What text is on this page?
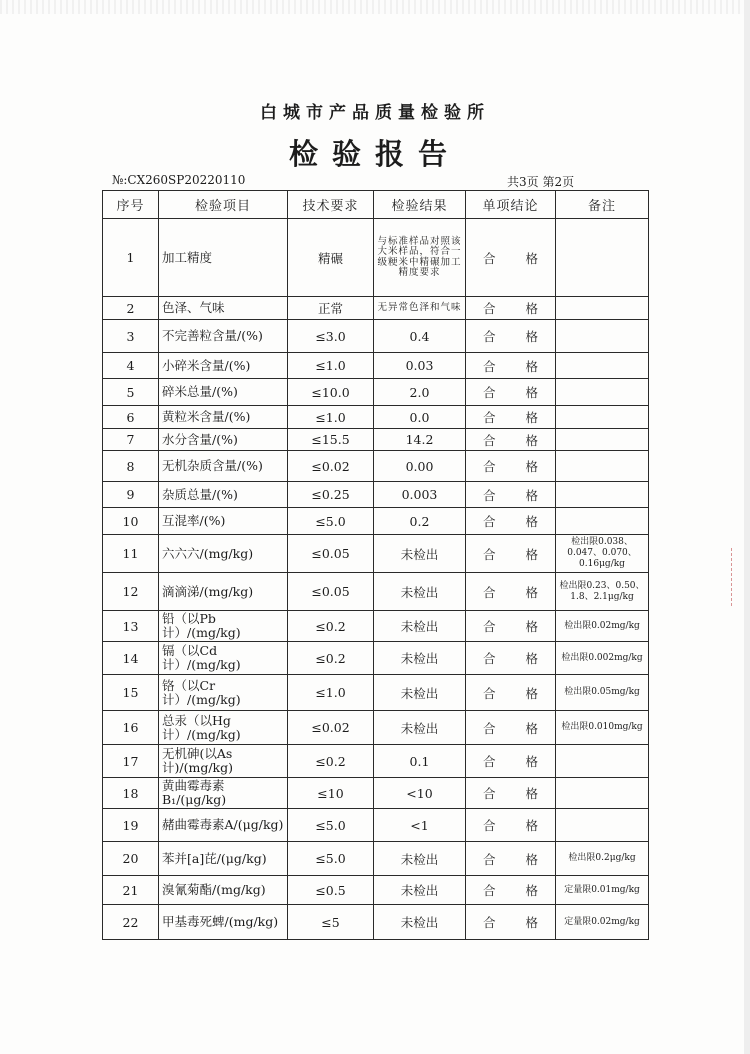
白城市产品质量检验所
检验报告
№:CX260SP20220110	共3页 第2页
序号	检验项目	技术要求	检验结果	单项结论	备注
1	加工精度	精碾	与标准样品对照该大米样品，符合一级粳米中精碾加工精度要求	合 格	
2	色泽、气味	正常	无异常色泽和气味	合 格	
3	不完善粒含量/(%)	≤3.0	0.4	合 格	
4	小碎米含量/(%)	≤1.0	0.03	合 格	
5	碎米总量/(%)	≤10.0	2.0	合 格	
6	黄粒米含量/(%)	≤1.0	0.0	合 格	
7	水分含量/(%)	≤15.5	14.2	合 格	
8	无机杂质含量/(%)	≤0.02	0.00	合 格	
9	杂质总量/(%)	≤0.25	0.003	合 格	
10	互混率/(%)	≤5.0	0.2	合 格	
11	六六六/(mg/kg)	≤0.05	未检出	合 格	检出限0.038、0.047、0.070、0.16μg/kg
12	滴滴涕/(mg/kg)	≤0.05	未检出	合 格	检出限0.23、0.50、1.8、2.1μg/kg
13	铅（以Pb计）/(mg/kg)	≤0.2	未检出	合 格	检出限0.02mg/kg
14	镉（以Cd计）/(mg/kg)	≤0.2	未检出	合 格	检出限0.002mg/kg
15	铬（以Cr计）/(mg/kg)	≤1.0	未检出	合 格	检出限0.05mg/kg
16	总汞（以Hg计）/(mg/kg)	≤0.02	未检出	合 格	检出限0.010mg/kg
17	无机砷(以As计)/(mg/kg)	≤0.2	0.1	合 格	
18	黄曲霉毒素B₁/(μg/kg)	≤10	<10	合 格	
19	赭曲霉毒素A/(μg/kg)	≤5.0	<1	合 格	
20	苯并[a]芘/(μg/kg)	≤5.0	未检出	合 格	检出限0.2μg/kg
21	溴氰菊酯/(mg/kg)	≤0.5	未检出	合 格	定量限0.01mg/kg
22	甲基毒死蜱/(mg/kg)	≤5	未检出	合 格	定量限0.02mg/kg
